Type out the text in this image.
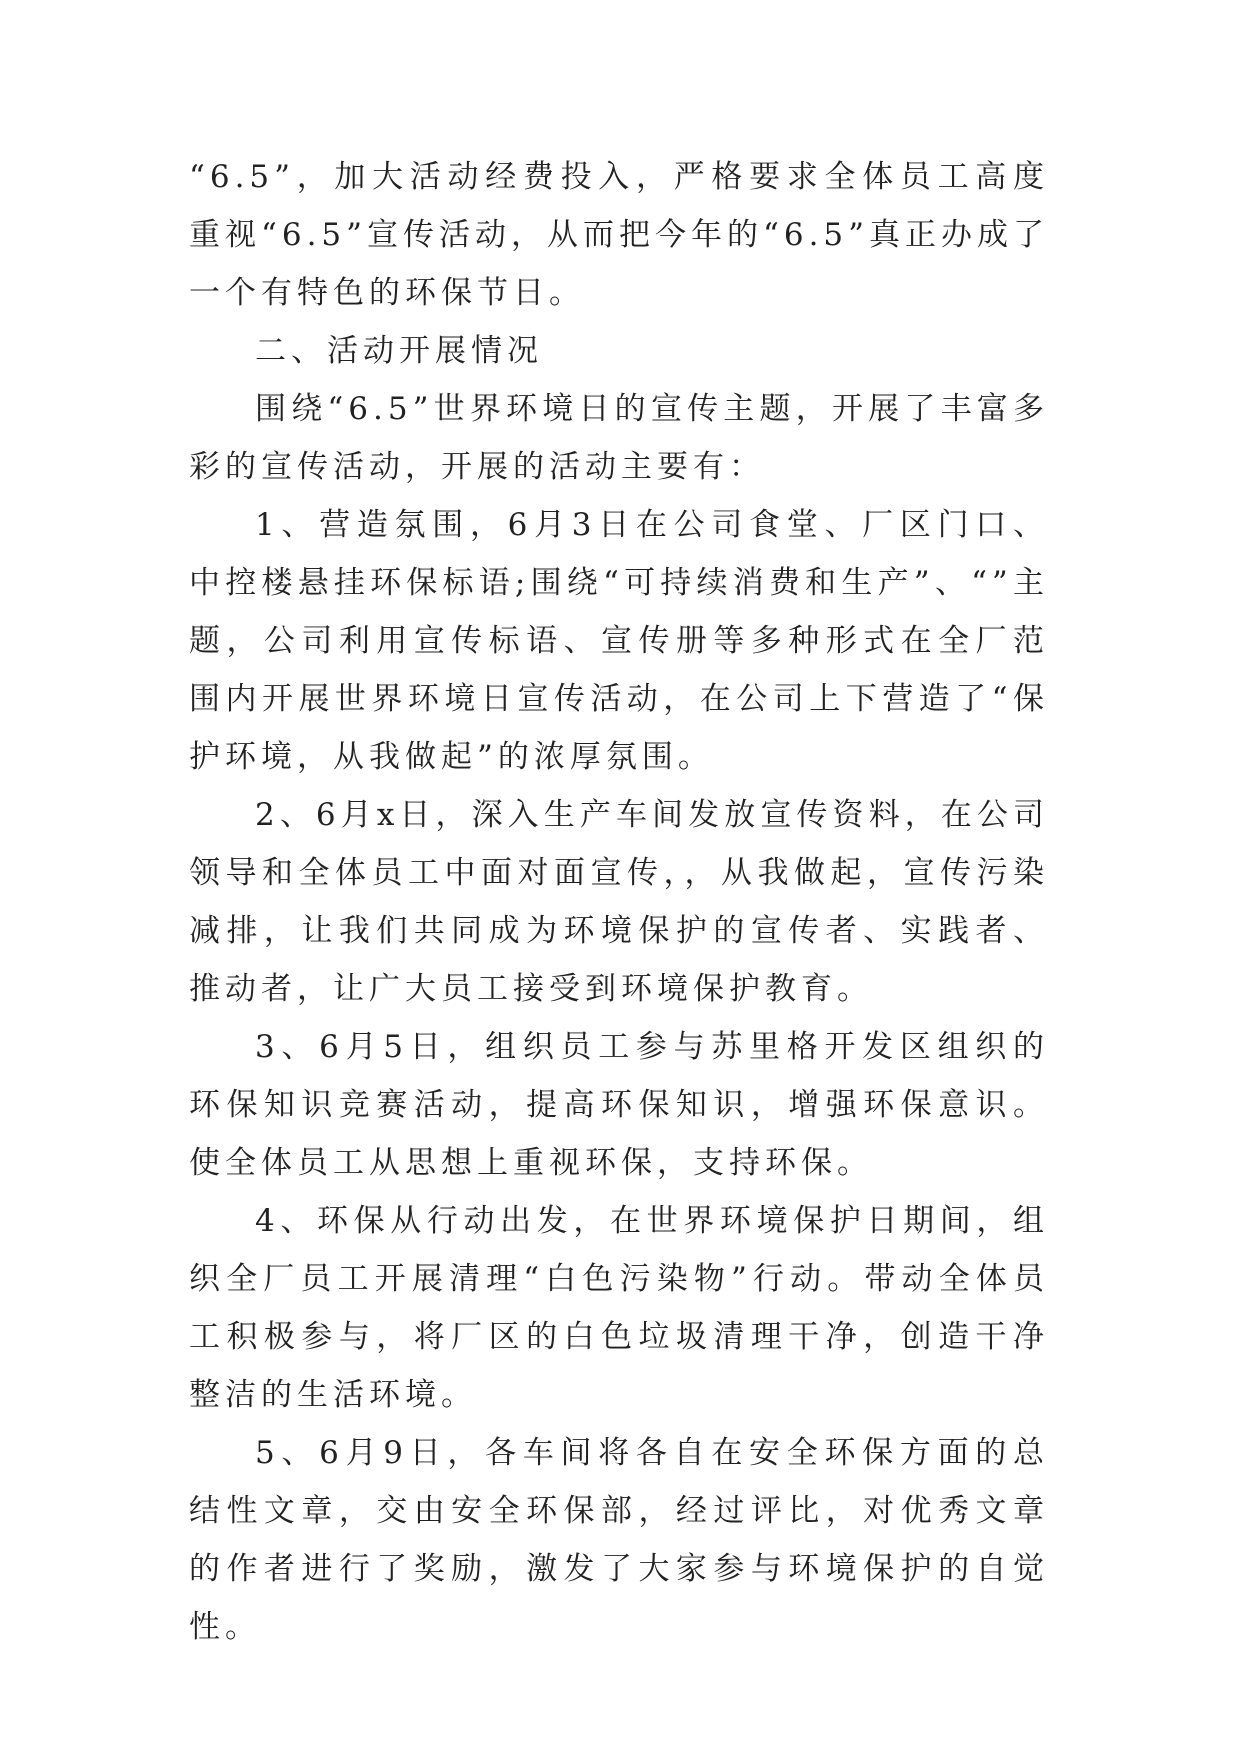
“6.5”，加大活动经费投入，严格要求全体员工高度重视“6.5”宣传活动，从而把今年的“6.5”真正办成了一个有特色的环保节日。

二、活动开展情况

围绕“6.5”世界环境日的宣传主题，开展了丰富多彩的宣传活动，开展的活动主要有：

1、营造氛围，6月3日在公司食堂、厂区门口、中控楼悬挂环保标语;围绕“可持续消费和生产”、“”主题，公司利用宣传标语、宣传册等多种形式在全厂范围内开展世界环境日宣传活动，在公司上下营造了“保护环境，从我做起”的浓厚氛围。

2、6月x日，深入生产车间发放宣传资料，在公司领导和全体员工中面对面宣传，，从我做起，宣传污染减排，让我们共同成为环境保护的宣传者、实践者、推动者，让广大员工接受到环境保护教育。

3、6月5日，组织员工参与苏里格开发区组织的环保知识竞赛活动，提高环保知识，增强环保意识。使全体员工从思想上重视环保，支持环保。

4、环保从行动出发，在世界环境保护日期间，组织全厂员工开展清理“白色污染物”行动。带动全体员工积极参与，将厂区的白色垃圾清理干净，创造干净整洁的生活环境。

5、6月9日，各车间将各自在安全环保方面的总结性文章，交由安全环保部，经过评比，对优秀文章的作者进行了奖励，激发了大家参与环境保护的自觉性。
